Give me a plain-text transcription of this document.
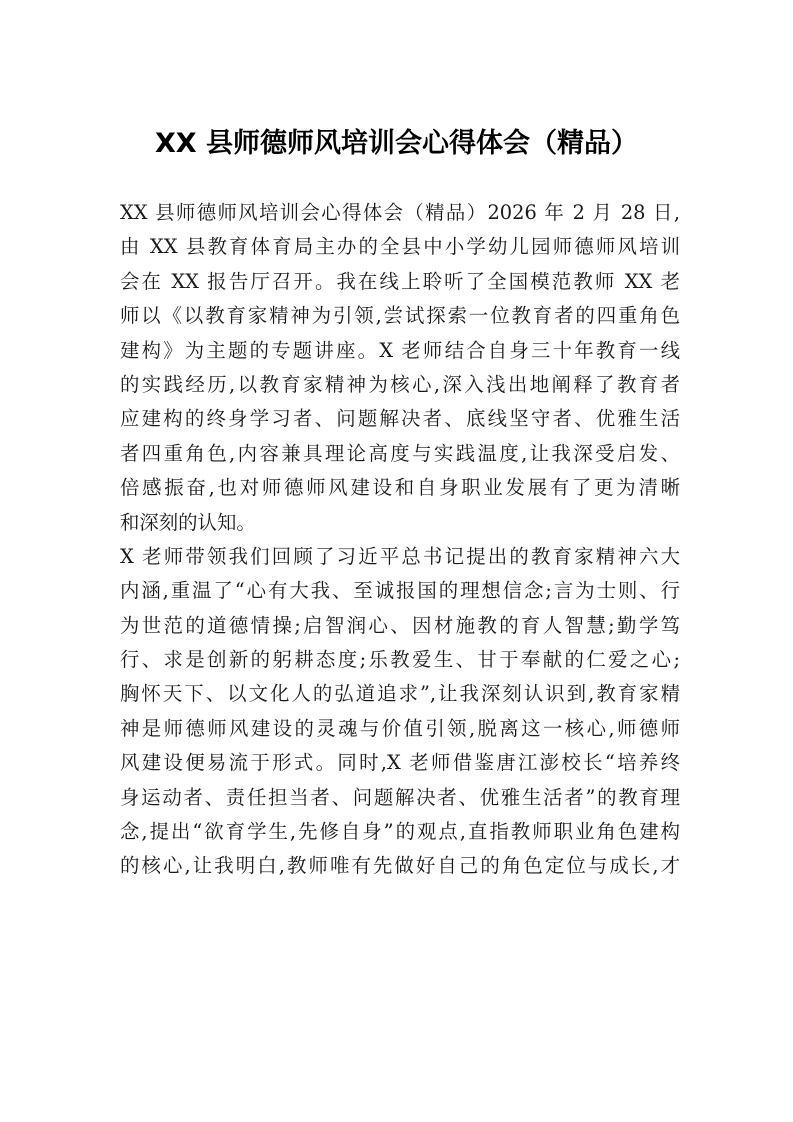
XX 县师德师风培训会心得体会（精品）

XX 县师德师风培训会心得体会（精品）2026 年 2 月 28 日,

由 XX 县教育体育局主办的全县中小学幼儿园师德师风培训

会在 XX 报告厅召开。我在线上聆听了全国模范教师 XX 老

师以《以教育家精神为引领,尝试探索一位教育者的四重角色

建构》为主题的专题讲座。X 老师结合自身三十年教育一线

的实践经历,以教育家精神为核心,深入浅出地阐释了教育者

应建构的终身学习者、问题解决者、底线坚守者、优雅生活

者四重角色,内容兼具理论高度与实践温度,让我深受启发、

倍感振奋,也对师德师风建设和自身职业发展有了更为清晰

和深刻的认知。

X 老师带领我们回顾了习近平总书记提出的教育家精神六大

内涵,重温了“心有大我、至诚报国的理想信念;言为士则、行

为世范的道德情操;启智润心、因材施教的育人智慧;勤学笃

行、求是创新的躬耕态度;乐教爱生、甘于奉献的仁爱之心;

胸怀天下、以文化人的弘道追求”,让我深刻认识到,教育家精

神是师德师风建设的灵魂与价值引领,脱离这一核心,师德师

风建设便易流于形式。同时,X 老师借鉴唐江澎校长“培养终

身运动者、责任担当者、问题解决者、优雅生活者”的教育理

念,提出“欲育学生,先修自身”的观点,直指教师职业角色建构

的核心,让我明白,教师唯有先做好自己的角色定位与成长,才
